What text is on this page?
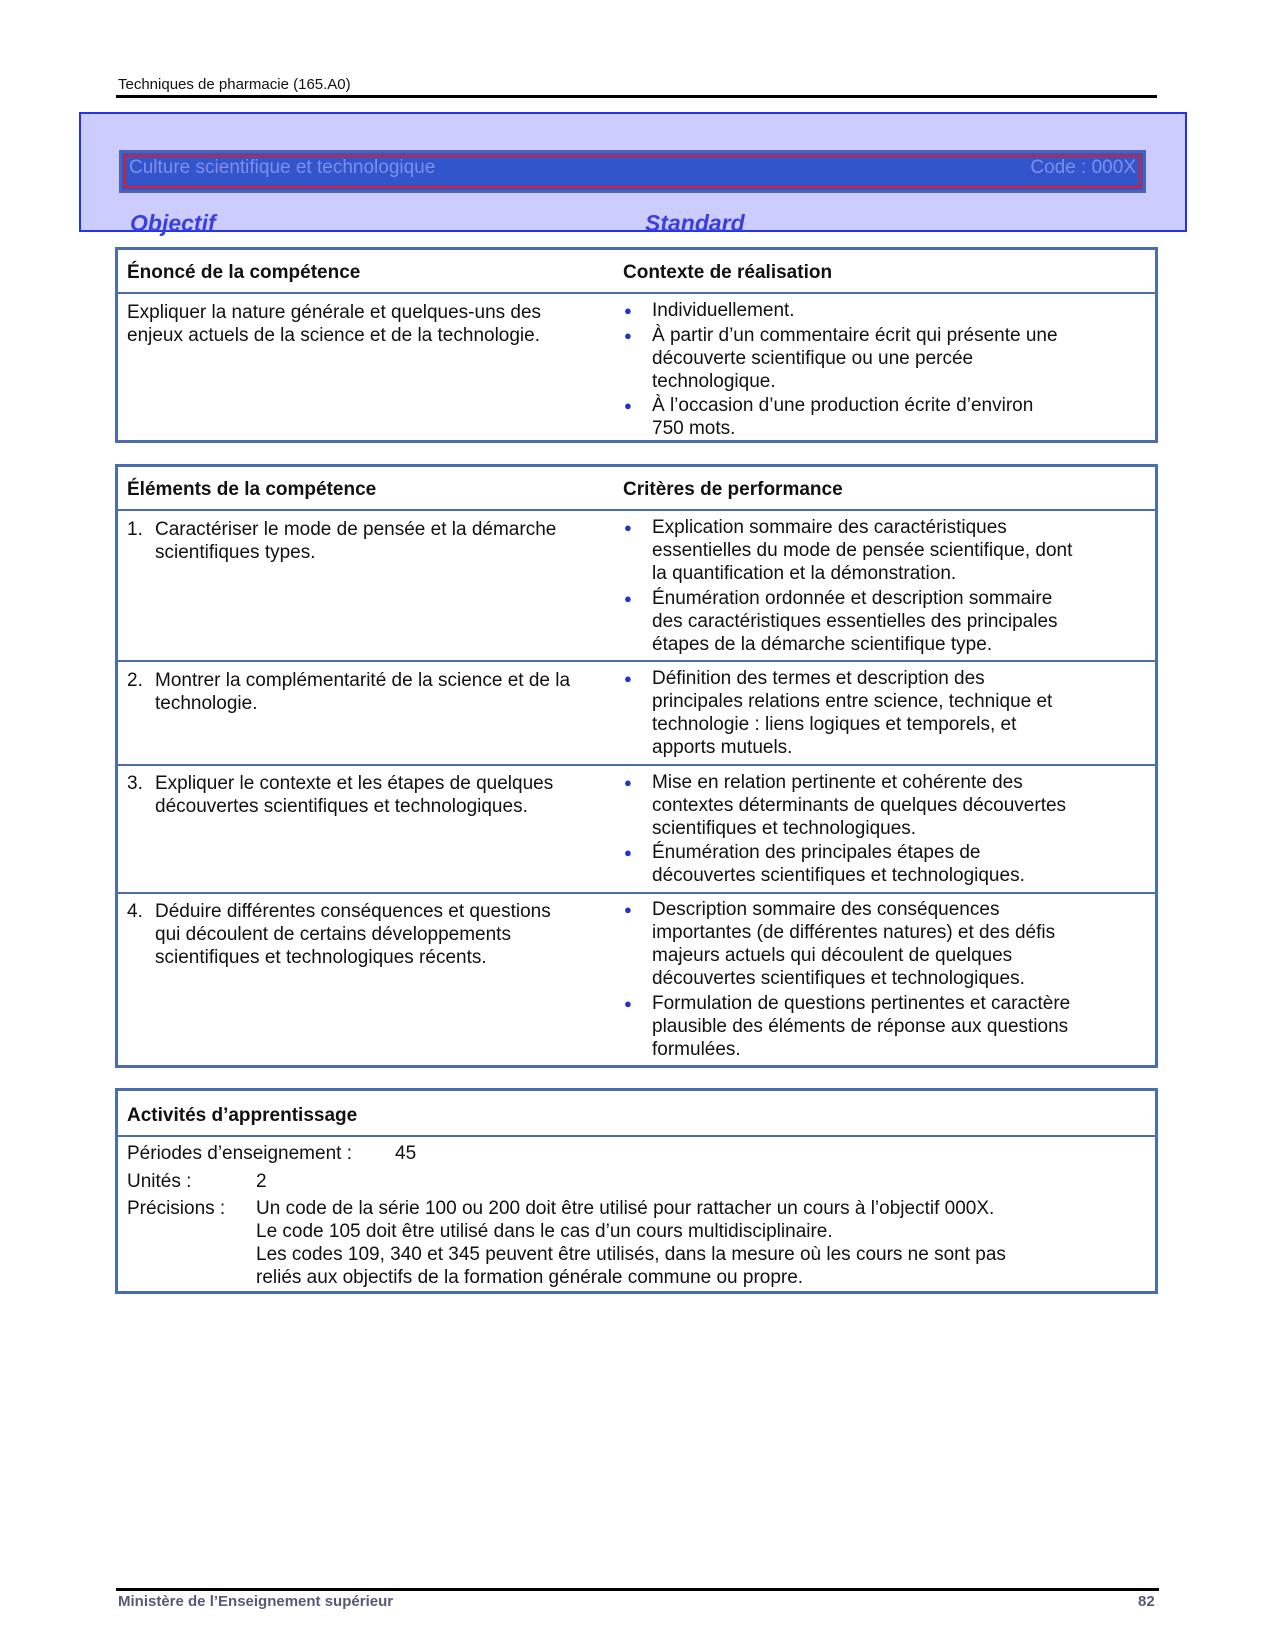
Techniques de pharmacie (165.A0)
Culture scientifique et technologique	Code : 000X
Objectif	Standard
Énoncé de la compétence	Contexte de réalisation
Expliquer la nature générale et quelques-uns des
enjeux actuels de la science et de la technologie.
● Individuellement.
● À partir d’un commentaire écrit qui présente une
découverte scientifique ou une percée
technologique.
● À l’occasion d’une production écrite d’environ
750 mots.
Éléments de la compétence	Critères de performance
1. Caractériser le mode de pensée et la démarche
scientifiques types.
● Explication sommaire des caractéristiques
essentielles du mode de pensée scientifique, dont
la quantification et la démonstration.
● Énumération ordonnée et description sommaire
des caractéristiques essentielles des principales
étapes de la démarche scientifique type.
2. Montrer la complémentarité de la science et de la
technologie.
● Définition des termes et description des
principales relations entre science, technique et
technologie : liens logiques et temporels, et
apports mutuels.
3. Expliquer le contexte et les étapes de quelques
découvertes scientifiques et technologiques.
● Mise en relation pertinente et cohérente des
contextes déterminants de quelques découvertes
scientifiques et technologiques.
● Énumération des principales étapes de
découvertes scientifiques et technologiques.
4. Déduire différentes conséquences et questions
qui découlent de certains développements
scientifiques et technologiques récents.
● Description sommaire des conséquences
importantes (de différentes natures) et des défis
majeurs actuels qui découlent de quelques
découvertes scientifiques et technologiques.
● Formulation de questions pertinentes et caractère
plausible des éléments de réponse aux questions
formulées.
Activités d’apprentissage
Périodes d’enseignement : 45
Unités :	2
Précisions : Un code de la série 100 ou 200 doit être utilisé pour rattacher un cours à l’objectif 000X.
Le code 105 doit être utilisé dans le cas d’un cours multidisciplinaire.
Les codes 109, 340 et 345 peuvent être utilisés, dans la mesure où les cours ne sont pas
reliés aux objectifs de la formation générale commune ou propre.
Ministère de l’Enseignement supérieur	82
